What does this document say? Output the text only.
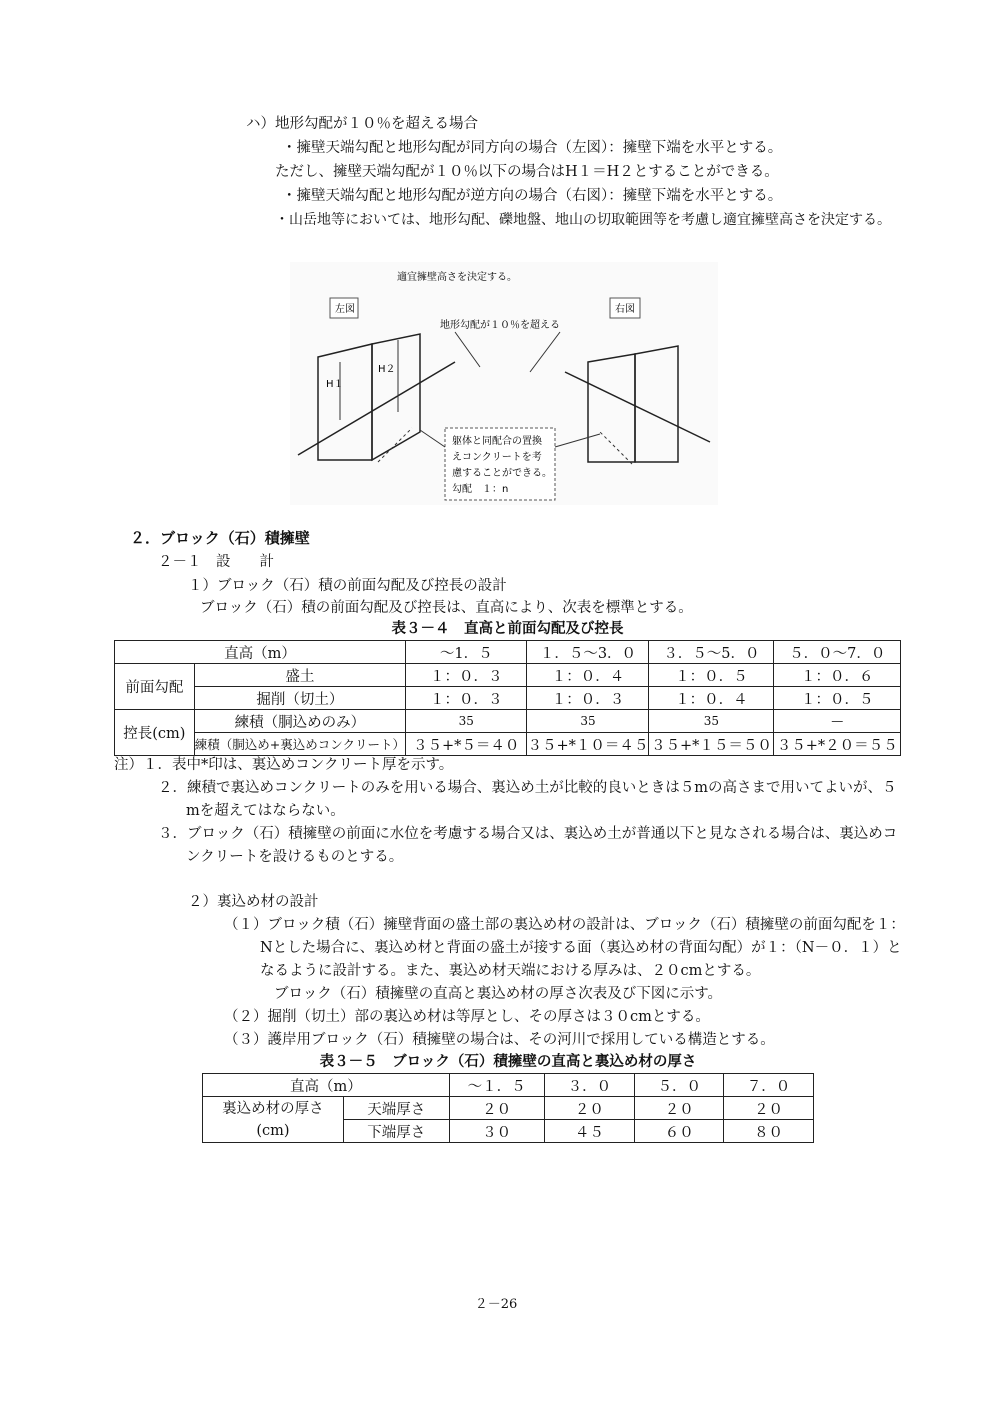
ハ）地形勾配が１０％を超える場合
・擁壁天端勾配と地形勾配が同方向の場合（左図）：擁壁下端を水平とする。
ただし、擁壁天端勾配が１０％以下の場合はH１＝H２とすることができる。
・擁壁天端勾配と地形勾配が逆方向の場合（右図）：擁壁下端を水平とする。
・山岳地等においては、地形勾配、礫地盤、地山の切取範囲等を考慮し適宜擁壁高さを決定する。
適宜擁壁高さを決定する。
左図	右図
地形勾配が１０％を超える
H１
H２
躯体と同配合の置換
えコンクリートを考
慮することができる。
勾配　１：n
２．ブロック（石）積擁壁
２－１　設　　計
１）ブロック（石）積の前面勾配及び控長の設計
ブロック（石）積の前面勾配及び控長は、直高により、次表を標準とする。
表３－４　直高と前面勾配及び控長
直高（m）		～1．５	１．５～3．０	３．５～5．０	５．０～7．０
前面勾配	盛土	１：０．３	１：０．４	１：０．５	１：０．６
	掘削（切土）	１：０．３	１：０．３	１：０．４	１：０．５
控長(cm)	練積（胴込めのみ）	35	35	35	—
	練積（胴込め+裏込めコンクリート）	３５+*５＝４０	３５+*１０＝４５	３５+*１５＝５０	３５+*２０＝５５
注）１．表中*印は、裏込めコンクリート厚を示す。
２．練積で裏込めコンクリートのみを用いる場合、裏込め土が比較的良いときは５mの高さまで用いてよいが、５
mを超えてはならない。
３．ブロック（石）積擁壁の前面に水位を考慮する場合又は、裏込め土が普通以下と見なされる場合は、裏込めコ
ンクリートを設けるものとする。
２）裏込め材の設計
（１）ブロック積（石）擁壁背面の盛土部の裏込め材の設計は、ブロック（石）積擁壁の前面勾配を１：
Nとした場合に、裏込め材と背面の盛土が接する面（裏込め材の背面勾配）が１：（N－０．１）と
なるように設計する。また、裏込め材天端における厚みは、２０cmとする。
ブロック（石）積擁壁の直高と裏込め材の厚さ次表及び下図に示す。
（２）掘削（切土）部の裏込め材は等厚とし、その厚さは３０cmとする。
（３）護岸用ブロック（石）積擁壁の場合は、その河川で採用している構造とする。
表３－５　ブロック（石）積擁壁の直高と裏込め材の厚さ
直高（m）		～１．５	３．０	５．０	７．０

裏込め材の厚さ
(cm)	天端厚さ	２０	２０	２０	２０
	下端厚さ	３０	４５	６０	８０
２－26
